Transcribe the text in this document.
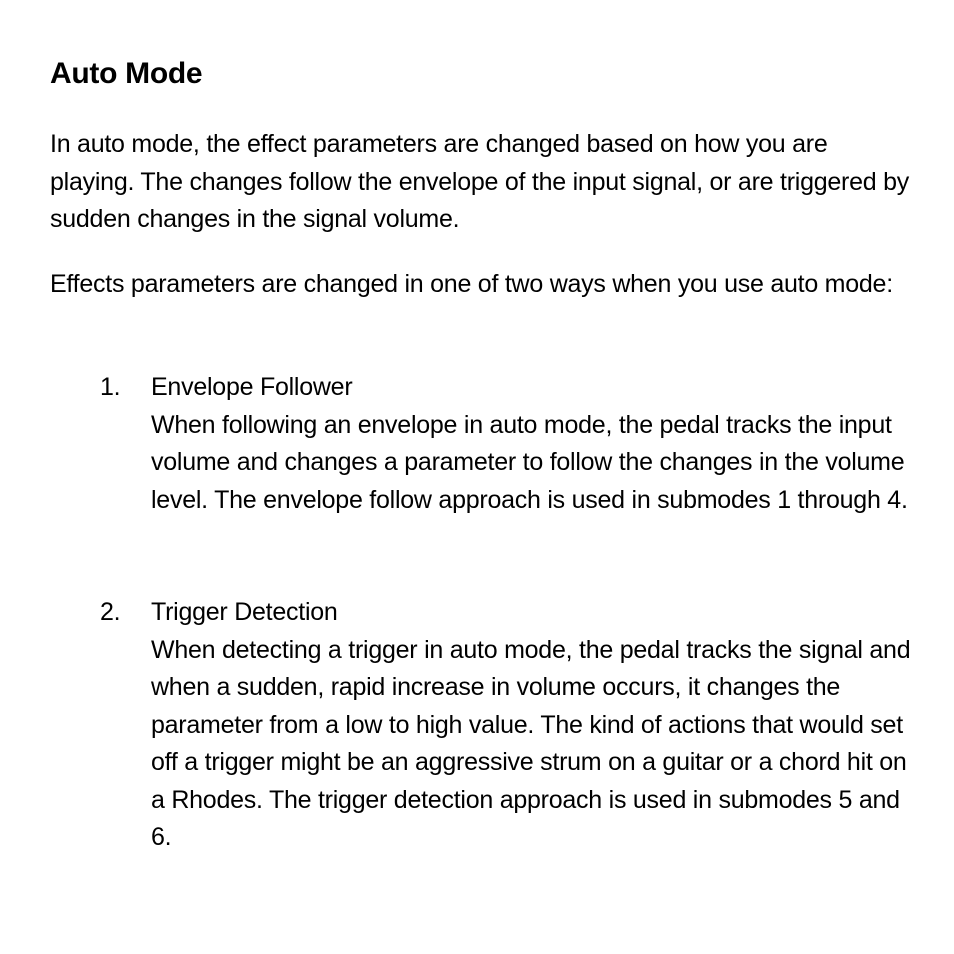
Auto Mode

In auto mode, the effect parameters are changed based on how you are playing. The changes follow the envelope of the input signal, or are triggered by sudden changes in the signal volume.

Effects parameters are changed in one of two ways when you use auto mode:

1. Envelope Follower
When following an envelope in auto mode, the pedal tracks the input volume and changes a parameter to follow the changes in the volume level. The envelope follow approach is used in submodes 1 through 4.
2. Trigger Detection
When detecting a trigger in auto mode, the pedal tracks the signal and when a sudden, rapid increase in volume occurs, it changes the parameter from a low to high value. The kind of actions that would set off a trigger might be an aggressive strum on a guitar or a chord hit on a Rhodes. The trigger detection approach is used in submodes 5 and 6.
